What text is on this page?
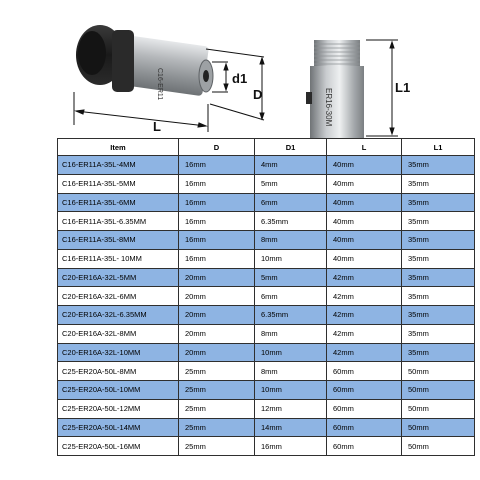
C16-ER11	d1
D
L
ER16-30M
L1
Item	D	D1	L	L1
C16-ER11A-35L-4MM	16mm	4mm	40mm	35mm
C16-ER11A-35L-5MM	16mm	5mm	40mm	35mm
C16-ER11A-35L-6MM	16mm	6mm	40mm	35mm
C16-ER11A-35L-6.35MM	16mm	6.35mm	40mm	35mm
C16-ER11A-35L-8MM	16mm	8mm	40mm	35mm
C16-ER11A-35L- 10MM	16mm	10mm	40mm	35mm
C20-ER16A-32L-5MM	20mm	5mm	42mm	35mm
C20-ER16A-32L-6MM	20mm	6mm	42mm	35mm
C20-ER16A-32L-6.35MM	20mm	6.35mm	42mm	35mm
C20-ER16A-32L-8MM	20mm	8mm	42mm	35mm
C20-ER16A-32L-10MM	20mm	10mm	42mm	35mm
C25-ER20A-50L-8MM	25mm	8mm	60mm	50mm
C25-ER20A-50L-10MM	25mm	10mm	60mm	50mm
C25-ER20A-50L-12MM	25mm	12mm	60mm	50mm
C25-ER20A-50L-14MM	25mm	14mm	60mm	50mm
C25-ER20A-50L-16MM	25mm	16mm	60mm	50mm
